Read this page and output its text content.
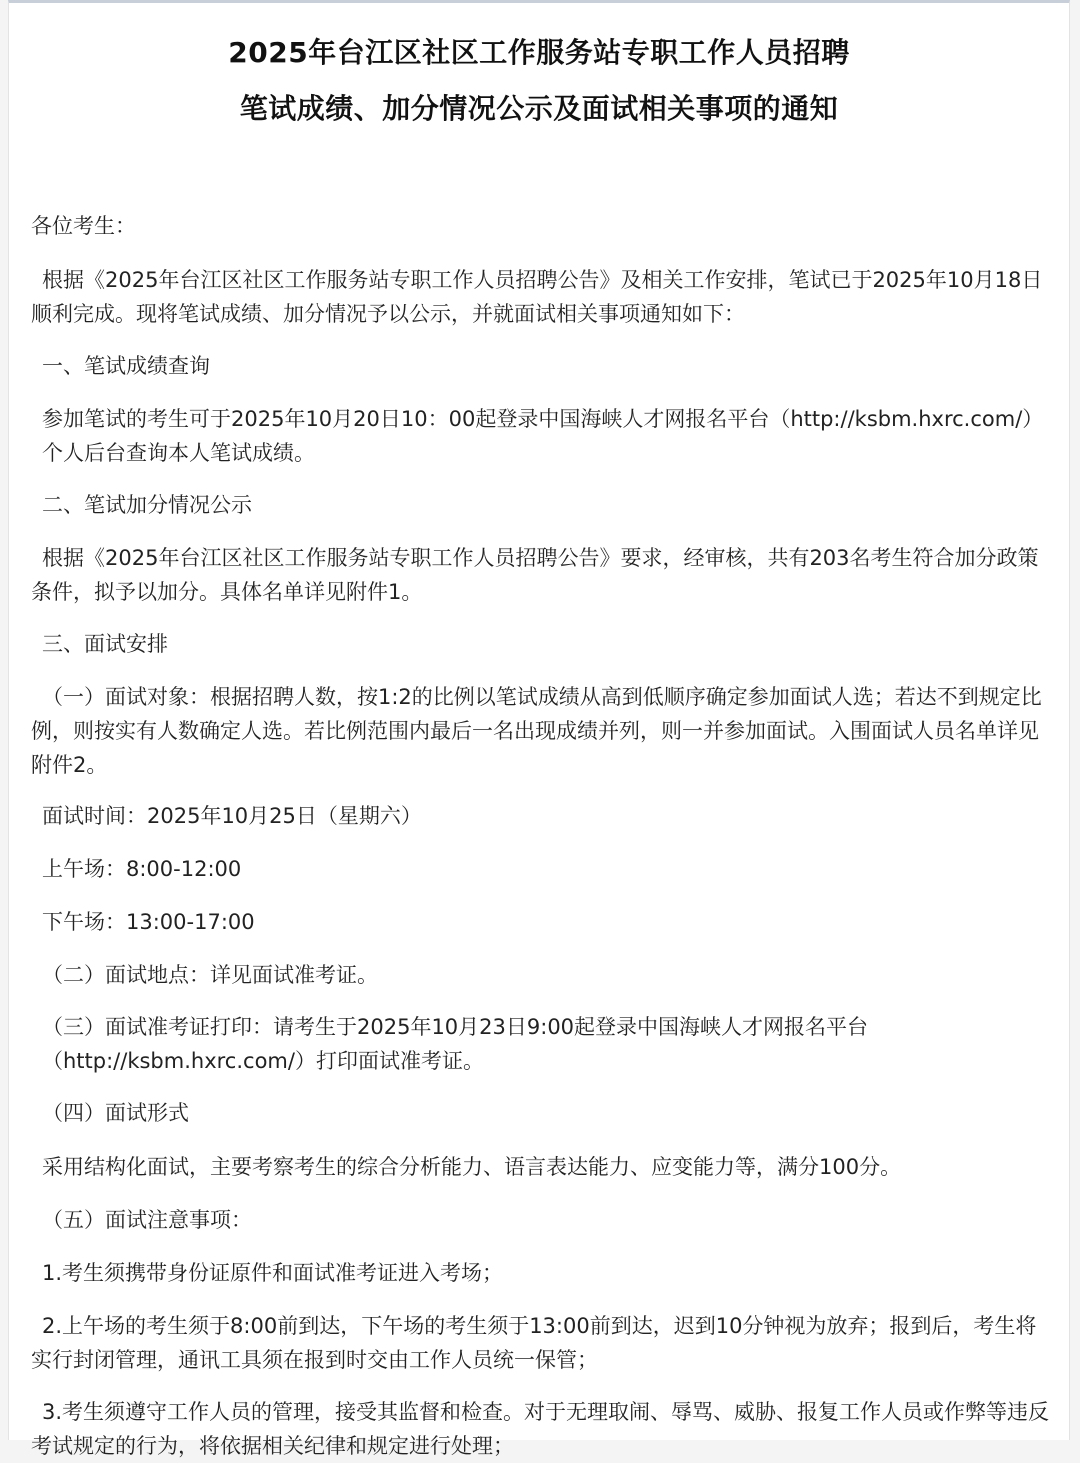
2025年台江区社区工作服务站专职工作人员招聘
笔试成绩、加分情况公示及面试相关事项的通知
各位考生：
根据《2025年台江区社区工作服务站专职工作人员招聘公告》及相关工作安排，笔试已于2025年10月18日顺利完成。现将笔试成绩、加分情况予以公示，并就面试相关事项通知如下：
一、笔试成绩查询
参加笔试的考生可于2025年10月20日10：00起登录中国海峡人才网报名平台（http://ksbm.hxrc.com/）个人后台查询本人笔试成绩。
二、笔试加分情况公示
根据《2025年台江区社区工作服务站专职工作人员招聘公告》要求，经审核，共有203名考生符合加分政策条件，拟予以加分。具体名单详见附件1。
三、面试安排
（一）面试对象：根据招聘人数，按1:2的比例以笔试成绩从高到低顺序确定参加面试人选；若达不到规定比例，则按实有人数确定人选。若比例范围内最后一名出现成绩并列，则一并参加面试。入围面试人员名单详见附件2。
面试时间：2025年10月25日（星期六）
上午场：8:00-12:00
下午场：13:00-17:00
（二）面试地点：详见面试准考证。
（三）面试准考证打印：请考生于2025年10月23日9:00起登录中国海峡人才网报名平台（http://ksbm.hxrc.com/）打印面试准考证。
（四）面试形式
采用结构化面试，主要考察考生的综合分析能力、语言表达能力、应变能力等，满分100分。
（五）面试注意事项：
1.考生须携带身份证原件和面试准考证进入考场；
2.上午场的考生须于8:00前到达，下午场的考生须于13:00前到达，迟到10分钟视为放弃；报到后，考生将实行封闭管理，通讯工具须在报到时交由工作人员统一保管；
3.考生须遵守工作人员的管理，接受其监督和检查。对于无理取闹、辱骂、威胁、报复工作人员或作弊等违反考试规定的行为，将依据相关纪律和规定进行处理；
